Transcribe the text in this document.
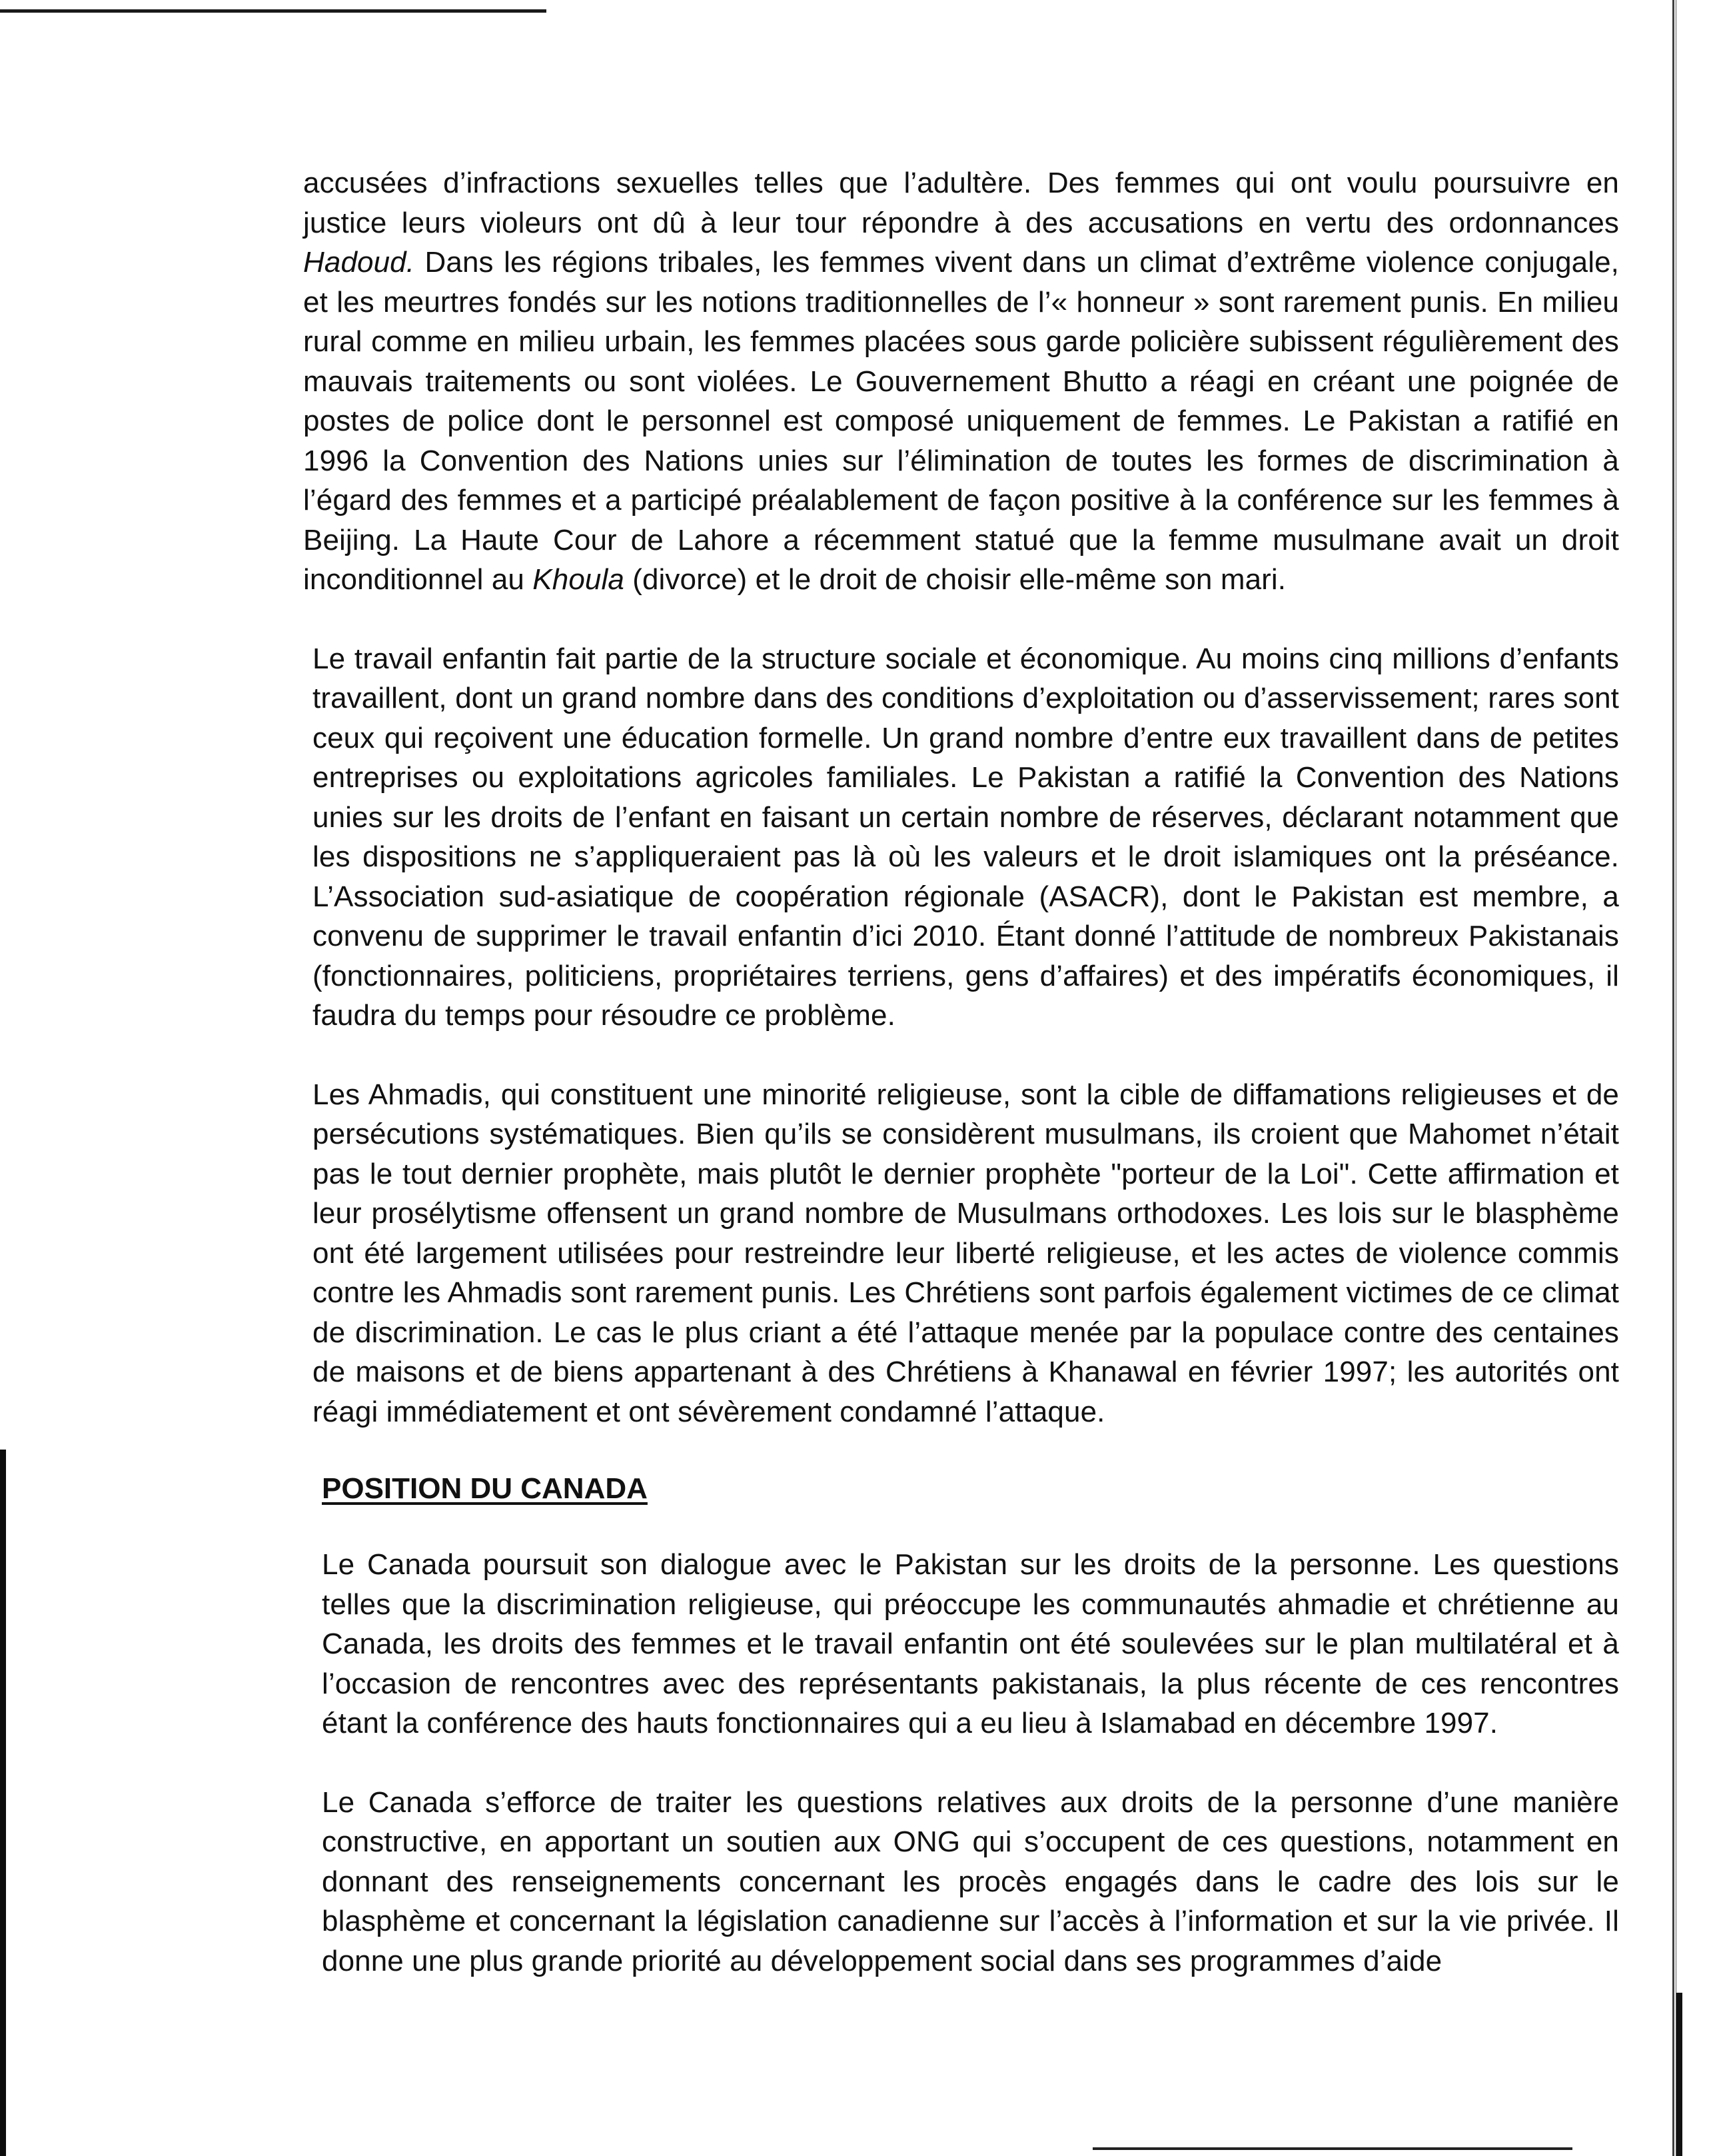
accusées d’infractions sexuelles telles que l’adultère. Des femmes qui ont voulu poursuivre en justice leurs violeurs ont dû à leur tour répondre à des accusations en vertu des ordonnances Hadoud. Dans les régions tribales, les femmes vivent dans un climat d’extrême violence conjugale, et les meurtres fondés sur les notions traditionnelles de l’« honneur » sont rarement punis. En milieu rural comme en milieu urbain, les femmes placées sous garde policière subissent régulièrement des mauvais traitements ou sont violées. Le Gouvernement Bhutto a réagi en créant une poignée de postes de police dont le personnel est composé uniquement de femmes. Le Pakistan a ratifié en 1996 la Convention des Nations unies sur l’élimination de toutes les formes de discrimination à l’égard des femmes et a participé préalablement de façon positive à la conférence sur les femmes à Beijing. La Haute Cour de Lahore a récemment statué que la femme musulmane avait un droit inconditionnel au Khoula (divorce) et le droit de choisir elle-même son mari.

Le travail enfantin fait partie de la structure sociale et économique. Au moins cinq millions d’enfants travaillent, dont un grand nombre dans des conditions d’exploitation ou d’asservissement; rares sont ceux qui reçoivent une éducation formelle. Un grand nombre d’entre eux travaillent dans de petites entreprises ou exploitations agricoles familiales. Le Pakistan a ratifié la Convention des Nations unies sur les droits de l’enfant en faisant un certain nombre de réserves, déclarant notamment que les dispositions ne s’appliqueraient pas là où les valeurs et le droit islamiques ont la préséance. L’Association sud-asiatique de coopération régionale (ASACR), dont le Pakistan est membre, a convenu de supprimer le travail enfantin d’ici 2010. Étant donné l’attitude de nombreux Pakistanais (fonctionnaires, politiciens, propriétaires terriens, gens d’affaires) et des impératifs économiques, il faudra du temps pour résoudre ce problème.

Les Ahmadis, qui constituent une minorité religieuse, sont la cible de diffamations religieuses et de persécutions systématiques. Bien qu’ils se considèrent musulmans, ils croient que Mahomet n’était pas le tout dernier prophète, mais plutôt le dernier prophète "porteur de la Loi". Cette affirmation et leur prosélytisme offensent un grand nombre de Musulmans orthodoxes. Les lois sur le blasphème ont été largement utilisées pour restreindre leur liberté religieuse, et les actes de violence commis contre les Ahmadis sont rarement punis. Les Chrétiens sont parfois également victimes de ce climat de discrimination. Le cas le plus criant a été l’attaque menée par la populace contre des centaines de maisons et de biens appartenant à des Chrétiens à Khanawal en février 1997; les autorités ont réagi immédiatement et ont sévèrement condamné l’attaque.

POSITION DU CANADA

Le Canada poursuit son dialogue avec le Pakistan sur les droits de la personne. Les questions telles que la discrimination religieuse, qui préoccupe les communautés ahmadie et chrétienne au Canada, les droits des femmes et le travail enfantin ont été soulevées sur le plan multilatéral et à l’occasion de rencontres avec des représentants pakistanais, la plus récente de ces rencontres étant la conférence des hauts fonctionnaires qui a eu lieu à Islamabad en décembre 1997.

Le Canada s’efforce de traiter les questions relatives aux droits de la personne d’une manière constructive, en apportant un soutien aux ONG qui s’occupent de ces questions, notamment en donnant des renseignements concernant les procès engagés dans le cadre des lois sur le blasphème et concernant la législation canadienne sur l’accès à l’information et sur la vie privée. Il donne une plus grande priorité au développement social dans ses programmes d’aide
